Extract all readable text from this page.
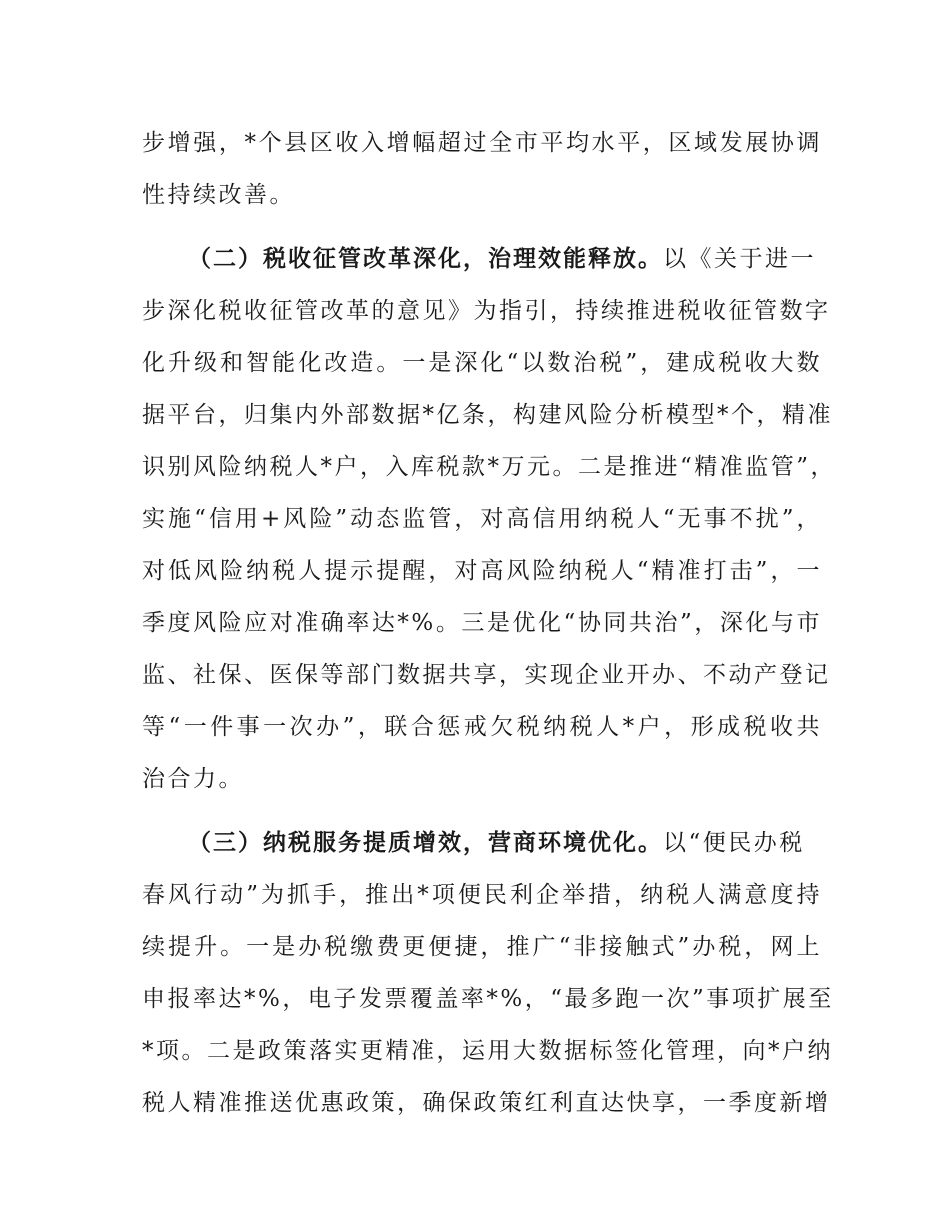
步增强，*个县区收入增幅超过全市平均水平，区域发展协调
性持续改善。
（二）税收征管改革深化，治理效能释放。以《关于进一
步深化税收征管改革的意见》为指引，持续推进税收征管数字
化升级和智能化改造。一是深化“以数治税”，建成税收大数
据平台，归集内外部数据*亿条，构建风险分析模型*个，精准
识别风险纳税人*户，入库税款*万元。二是推进“精准监管”，
实施“信用+风险”动态监管，对高信用纳税人“无事不扰”，
对低风险纳税人提示提醒，对高风险纳税人“精准打击”，一
季度风险应对准确率达*%。三是优化“协同共治”，深化与市
监、社保、医保等部门数据共享，实现企业开办、不动产登记
等“一件事一次办”，联合惩戒欠税纳税人*户，形成税收共
治合力。
（三）纳税服务提质增效，营商环境优化。以“便民办税
春风行动”为抓手，推出*项便民利企举措，纳税人满意度持
续提升。一是办税缴费更便捷，推广“非接触式”办税，网上
申报率达*%，电子发票覆盖率*%，“最多跑一次”事项扩展至
*项。二是政策落实更精准，运用大数据标签化管理，向*户纳
税人精准推送优惠政策，确保政策红利直达快享，一季度新增
